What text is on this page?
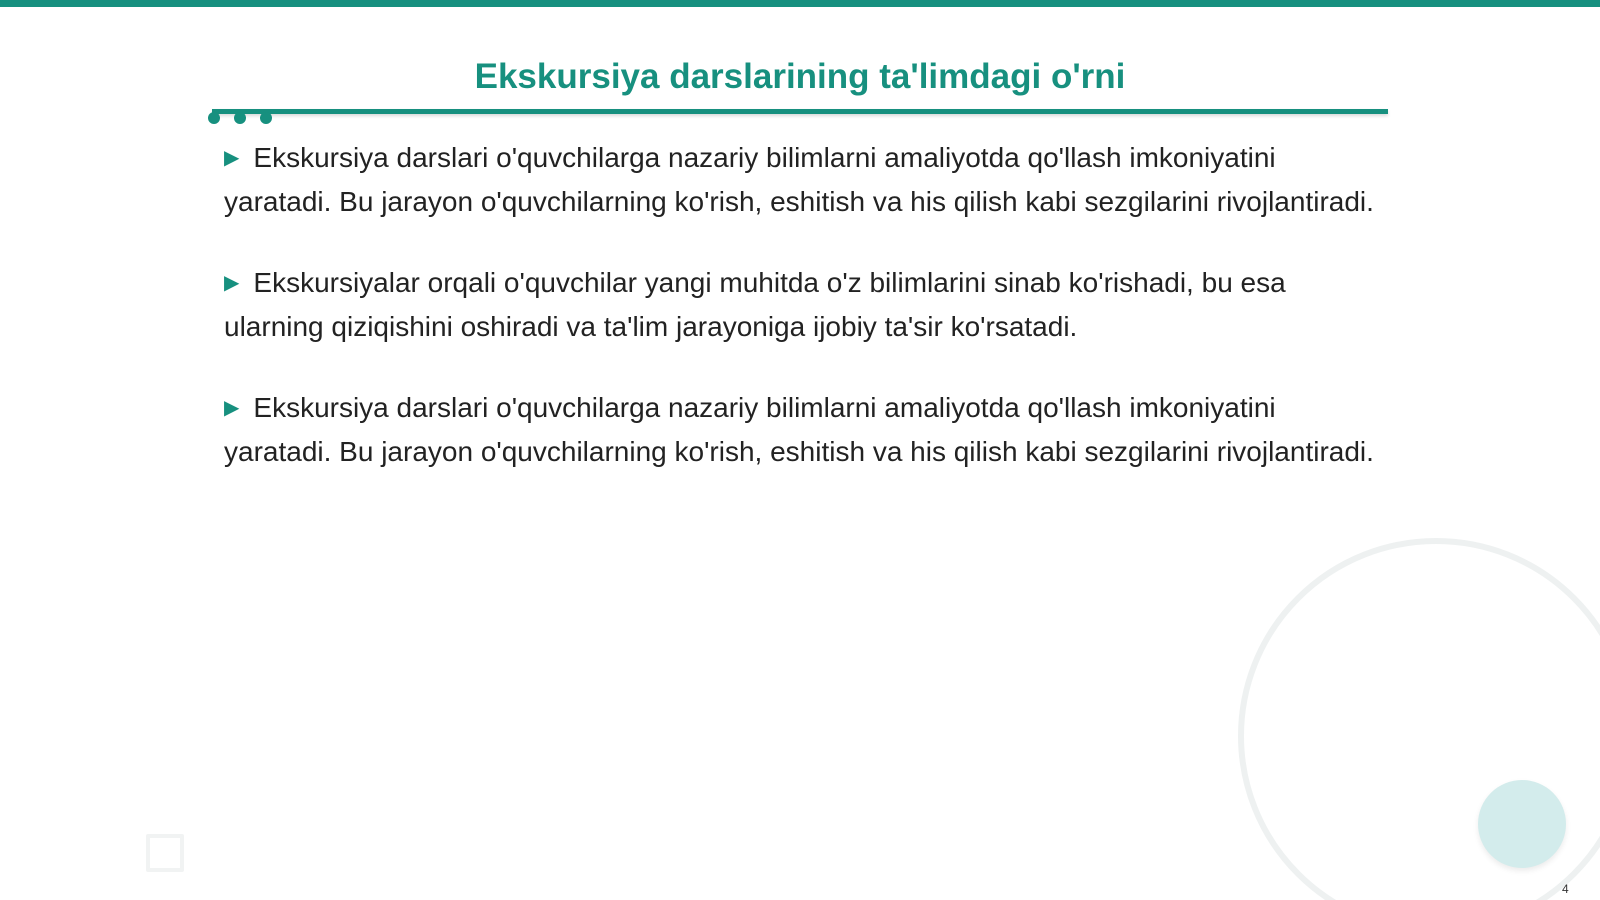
Ekskursiya darslarining ta'limdagi o'rni

▶ Ekskursiya darslari o'quvchilarga nazariy bilimlarni amaliyotda qo'llash imkoniyatini yaratadi. Bu jarayon o'quvchilarning ko'rish, eshitish va his qilish kabi sezgilarini rivojlantiradi.

▶ Ekskursiyalar orqali o'quvchilar yangi muhitda o'z bilimlarini sinab ko'rishadi, bu esa ularning qiziqishini oshiradi va ta'lim jarayoniga ijobiy ta'sir ko'rsatadi.

▶ Ekskursiya darslari o'quvchilarga nazariy bilimlarni amaliyotda qo'llash imkoniyatini yaratadi. Bu jarayon o'quvchilarning ko'rish, eshitish va his qilish kabi sezgilarini rivojlantiradi.

4
